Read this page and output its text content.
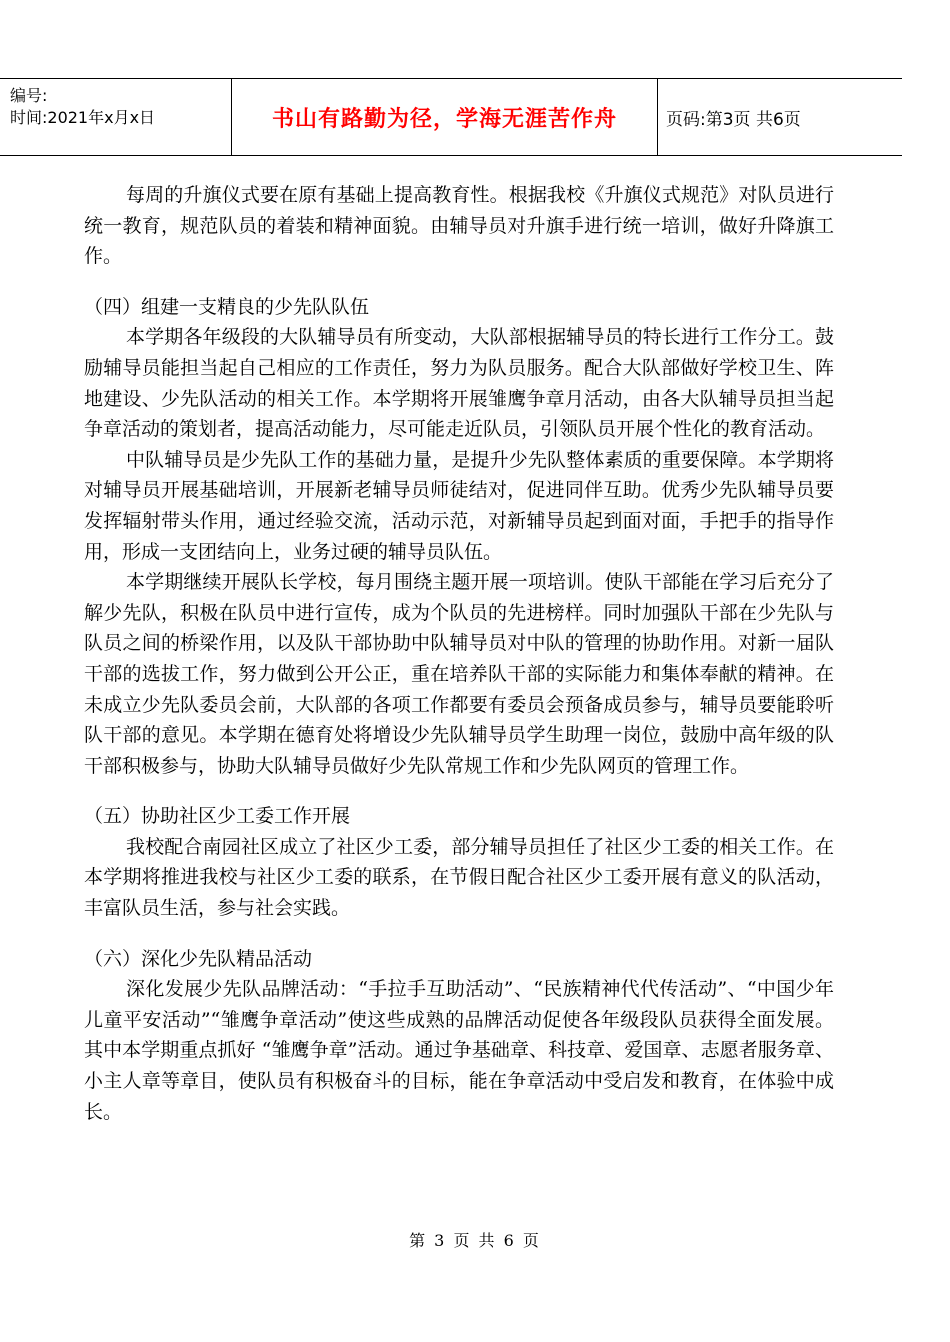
编号:
时间:2021年x月x日	书山有路勤为径，学海无涯苦作舟	页码:第3页 共6页

每周的升旗仪式要在原有基础上提高教育性。根据我校《升旗仪式规范》对队员进行统一教育，规范队员的着装和精神面貌。由辅导员对升旗手进行统一培训，做好升降旗工作。

（四）组建一支精良的少先队队伍

本学期各年级段的大队辅导员有所变动，大队部根据辅导员的特长进行工作分工。鼓励辅导员能担当起自己相应的工作责任，努力为队员服务。配合大队部做好学校卫生、阵地建设、少先队活动的相关工作。本学期将开展雏鹰争章月活动，由各大队辅导员担当起争章活动的策划者，提高活动能力，尽可能走近队员，引领队员开展个性化的教育活动。

中队辅导员是少先队工作的基础力量，是提升少先队整体素质的重要保障。本学期将对辅导员开展基础培训，开展新老辅导员师徒结对，促进同伴互助。优秀少先队辅导员要发挥辐射带头作用，通过经验交流，活动示范，对新辅导员起到面对面，手把手的指导作用，形成一支团结向上，业务过硬的辅导员队伍。

本学期继续开展队长学校，每月围绕主题开展一项培训。使队干部能在学习后充分了解少先队，积极在队员中进行宣传，成为个队员的先进榜样。同时加强队干部在少先队与队员之间的桥梁作用，以及队干部协助中队辅导员对中队的管理的协助作用。对新一届队干部的选拔工作，努力做到公开公正，重在培养队干部的实际能力和集体奉献的精神。在未成立少先队委员会前，大队部的各项工作都要有委员会预备成员参与，辅导员要能聆听队干部的意见。本学期在德育处将增设少先队辅导员学生助理一岗位，鼓励中高年级的队干部积极参与，协助大队辅导员做好少先队常规工作和少先队网页的管理工作。

（五）协助社区少工委工作开展

我校配合南园社区成立了社区少工委，部分辅导员担任了社区少工委的相关工作。在本学期将推进我校与社区少工委的联系，在节假日配合社区少工委开展有意义的队活动，丰富队员生活，参与社会实践。

（六）深化少先队精品活动

深化发展少先队品牌活动：“手拉手互助活动”、“民族精神代代传活动”、“中国少年儿童平安活动”“雏鹰争章活动”使这些成熟的品牌活动促使各年级段队员获得全面发展。其中本学期重点抓好 “雏鹰争章”活动。通过争基础章、科技章、爱国章、志愿者服务章、小主人章等章目，使队员有积极奋斗的目标，能在争章活动中受启发和教育，在体验中成长。

第 3 页 共 6 页
